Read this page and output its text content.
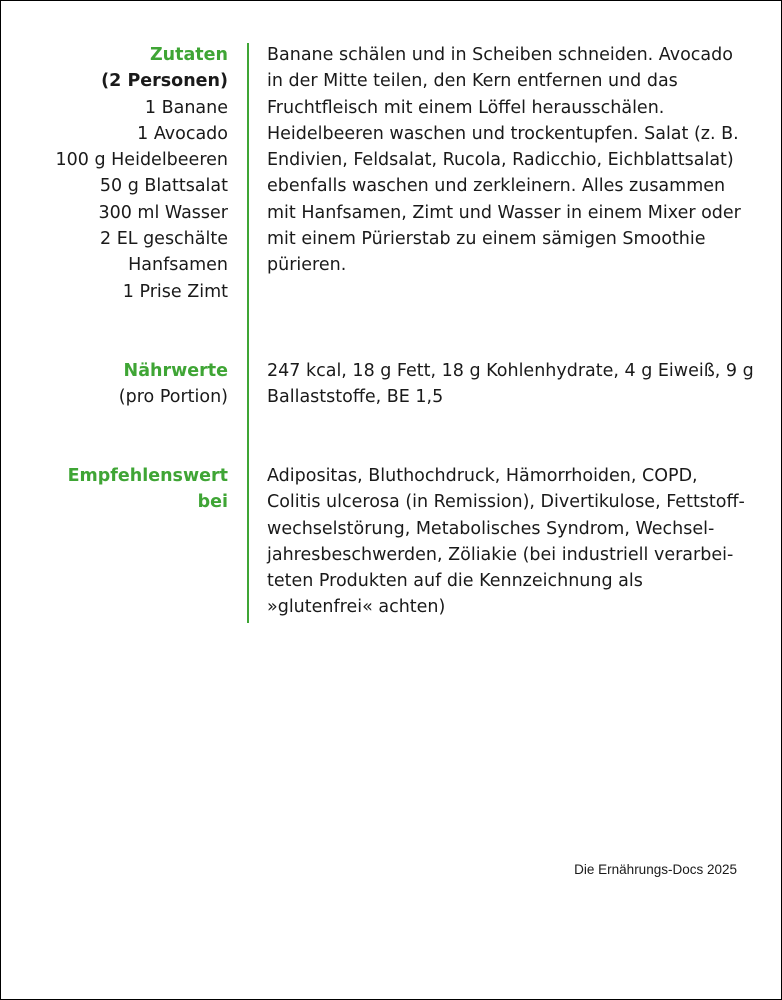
Zutaten
(2 Personen)
1 Banane
1 Avocado
100 g Heidelbeeren
50 g Blattsalat
300 ml Wasser
2 EL geschälte
Hanfsamen
1 Prise Zimt
Banane schälen und in Scheiben schneiden. Avocado
in der Mitte teilen, den Kern entfernen und das
Fruchtfleisch mit einem Löffel herausschälen.
Heidelbeeren waschen und trockentupfen. Salat (z. B.
Endivien, Feldsalat, Rucola, Radicchio, Eichblattsalat)
ebenfalls waschen und zerkleinern. Alles zusammen
mit Hanfsamen, Zimt und Wasser in einem Mixer oder
mit einem Pürierstab zu einem sämigen Smoothie
pürieren.
Nährwerte
(pro Portion)
247 kcal, 18 g Fett, 18 g Kohlenhydrate, 4 g Eiweiß, 9 g
Ballaststoffe, BE 1,5
Empfehlenswert
bei
Adipositas, Bluthochdruck, Hämorrhoiden, COPD,
Colitis ulcerosa (in Remission), Divertikulose, Fettstoff-
wechselstörung, Metabolisches Syndrom, Wechsel-
jahresbeschwerden, Zöliakie (bei industriell verarbei-
teten Produkten auf die Kennzeichnung als
»glutenfrei« achten)
Die Ernährungs-Docs 2025
